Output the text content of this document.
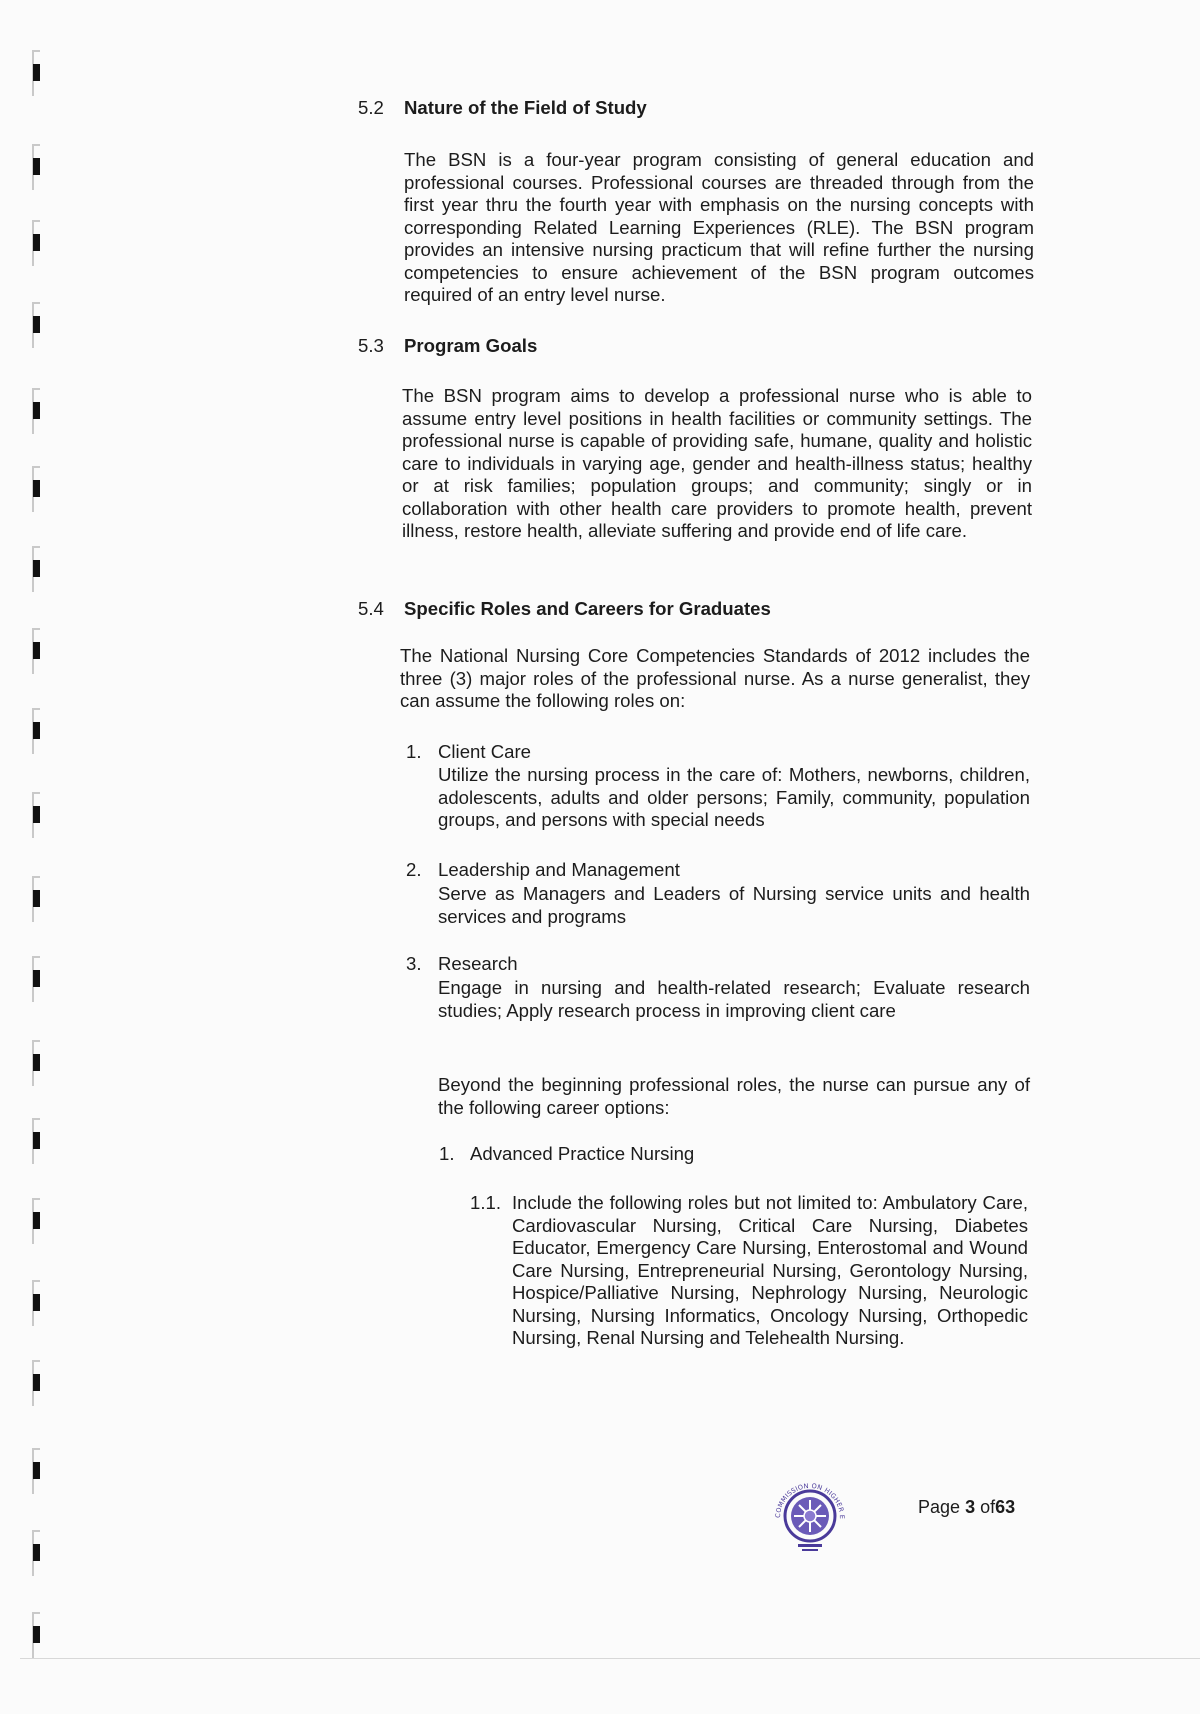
5.2 Nature of the Field of Study
The BSN is a four-year program consisting of general education and professional courses. Professional courses are threaded through from the first year thru the fourth year with emphasis on the nursing concepts with corresponding Related Learning Experiences (RLE). The BSN program provides an intensive nursing practicum that will refine further the nursing competencies to ensure achievement of the BSN program outcomes required of an entry level nurse.
5.3 Program Goals
The BSN program aims to develop a professional nurse who is able to assume entry level positions in health facilities or community settings. The professional nurse is capable of providing safe, humane, quality and holistic care to individuals in varying age, gender and health-illness status; healthy or at risk families; population groups; and community; singly or in collaboration with other health care providers to promote health, prevent illness, restore health, alleviate suffering and provide end of life care.
5.4 Specific Roles and Careers for Graduates
The National Nursing Core Competencies Standards of 2012 includes the three (3) major roles of the professional nurse. As a nurse generalist, they can assume the following roles on:
1. Client Care
Utilize the nursing process in the care of: Mothers, newborns, children, adolescents, adults and older persons; Family, community, population groups, and persons with special needs
2. Leadership and Management
Serve as Managers and Leaders of Nursing service units and health services and programs
3. Research
Engage in nursing and health-related research; Evaluate research studies; Apply research process in improving client care
Beyond the beginning professional roles, the nurse can pursue any of the following career options:
1. Advanced Practice Nursing
1.1. Include the following roles but not limited to: Ambulatory Care, Cardiovascular Nursing, Critical Care Nursing, Diabetes Educator, Emergency Care Nursing, Enterostomal and Wound Care Nursing, Entrepreneurial Nursing, Gerontology Nursing, Hospice/Palliative Nursing, Nephrology Nursing, Neurologic Nursing, Nursing Informatics, Oncology Nursing, Orthopedic Nursing, Renal Nursing and Telehealth Nursing.
COMMISSION ON HIGHER E
Page 3 of63
